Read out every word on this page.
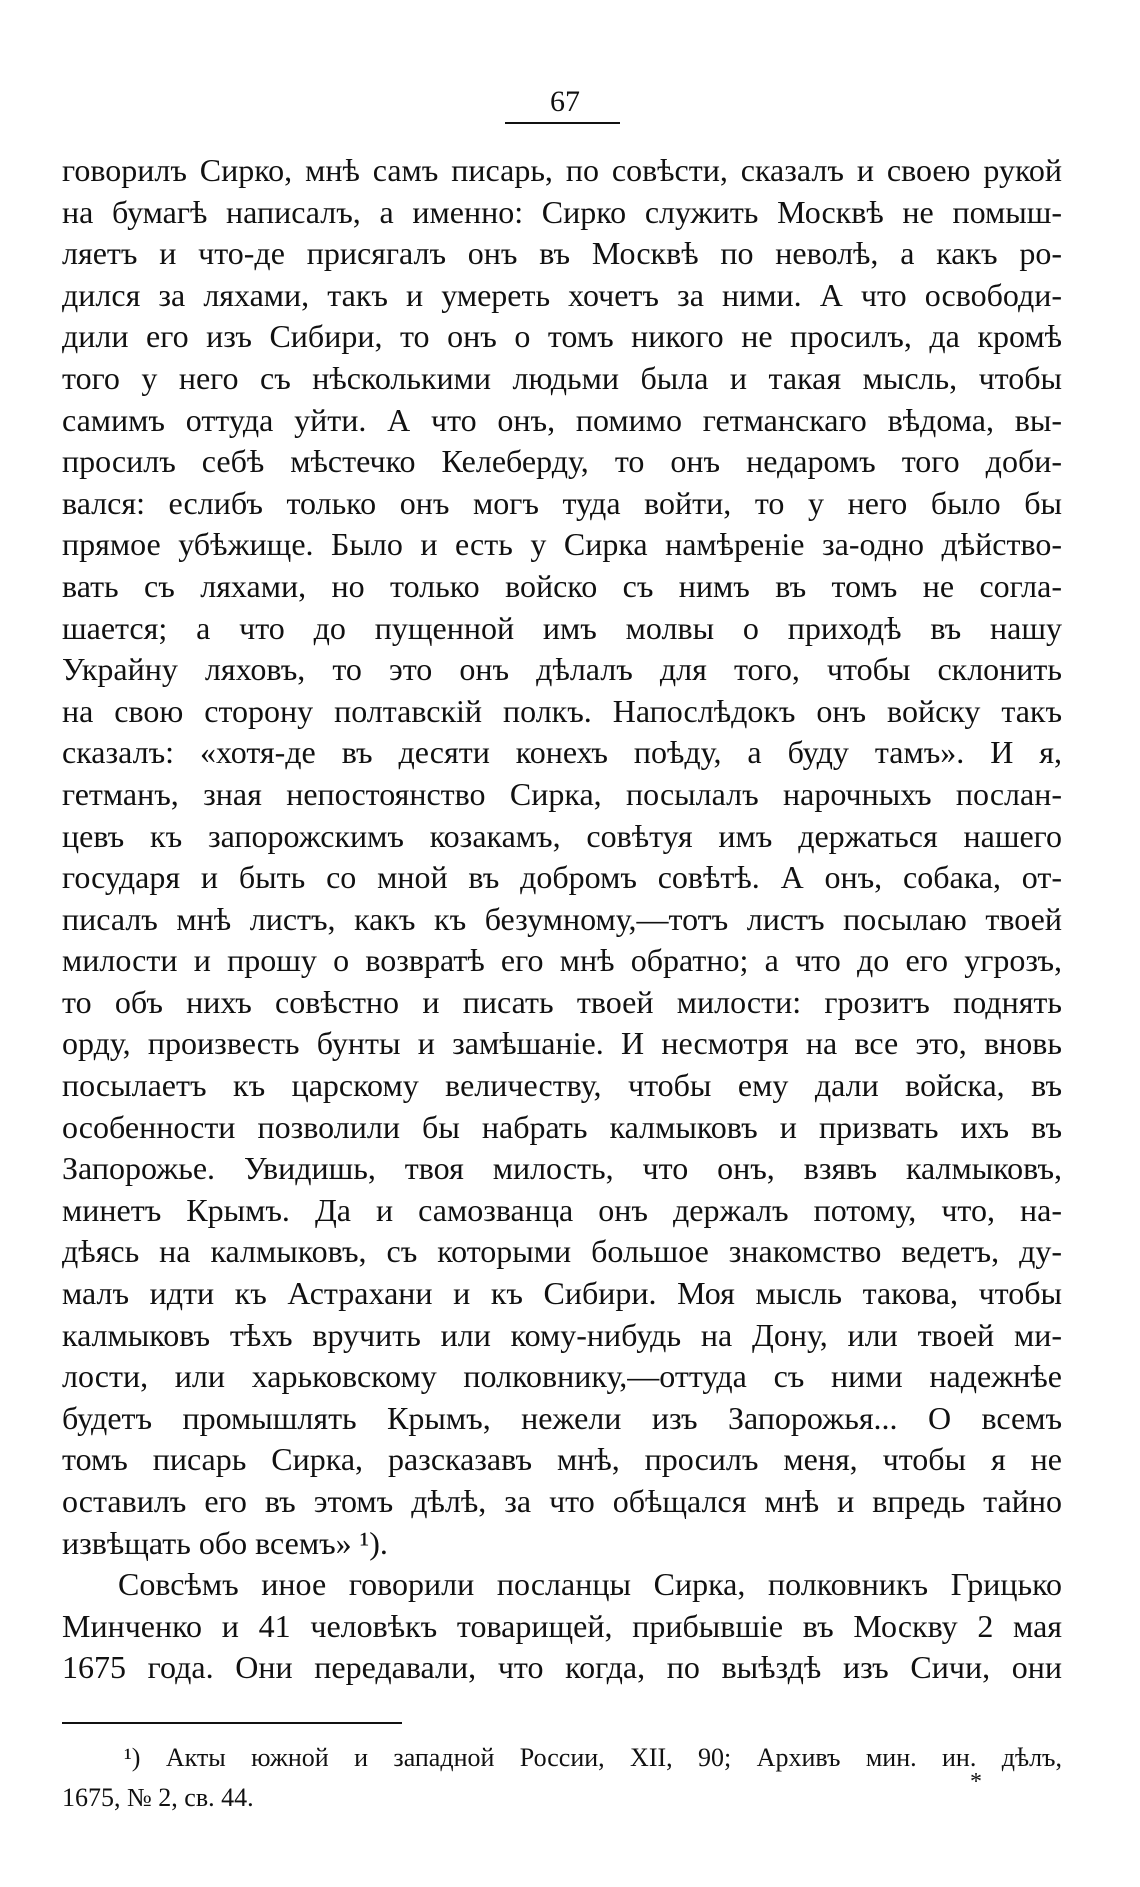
67
говорилъ Сирко, мнѣ самъ писарь, по совѣсти, сказалъ и своею рукой
на бумагѣ написалъ, а именно: Сирко служить Москвѣ не помыш-
ляетъ и что-де присягалъ онъ въ Москвѣ по неволѣ, а какъ ро-
дился за ляхами, такъ и умереть хочетъ за ними. А что освободи-
дили его изъ Сибири, то онъ о томъ никого не просилъ, да кромѣ
того у него съ нѣсколькими людьми была и такая мысль, чтобы
самимъ оттуда уйти. А что онъ, помимо гетманскаго вѣдома, вы-
просилъ себѣ мѣстечко Келеберду, то онъ недаромъ того доби-
вался: еслибъ только онъ могъ туда войти, то у него было бы
прямое убѣжище. Было и есть у Сирка намѣреніе за-одно дѣйство-
вать съ ляхами, но только войско съ нимъ въ томъ не согла-
шается; а что до пущенной имъ молвы о приходѣ въ нашу
Украйну ляховъ, то это онъ дѣлалъ для того, чтобы склонить
на свою сторону полтавскій полкъ. Напослѣдокъ онъ войску такъ
сказалъ: «хотя-де въ десяти конехъ поѣду, а буду тамъ». И я,
гетманъ, зная непостоянство Сирка, посылалъ нарочныхъ послан-
цевъ къ запорожскимъ козакамъ, совѣтуя имъ держаться нашего
государя и быть со мной въ добромъ совѣтѣ. А онъ, собака, от-
писалъ мнѣ листъ, какъ къ безумному,—тотъ листъ посылаю твоей
милости и прошу о возвратѣ его мнѣ обратно; а что до его угрозъ,
то объ нихъ совѣстно и писать твоей милости: грозитъ поднять
орду, произвесть бунты и замѣшаніе. И несмотря на все это, вновь
посылаетъ къ царскому величеству, чтобы ему дали войска, въ
особенности позволили бы набрать калмыковъ и призвать ихъ въ
Запорожье. Увидишь, твоя милость, что онъ, взявъ калмыковъ,
минетъ Крымъ. Да и самозванца онъ держалъ потому, что, на-
дѣясь на калмыковъ, съ которыми большое знакомство ведетъ, ду-
малъ идти къ Астрахани и къ Сибири. Моя мысль такова, чтобы
калмыковъ тѣхъ вручить или кому-нибудь на Дону, или твоей ми-
лости, или харьковскому полковнику,—оттуда съ ними надежнѣе
будетъ промышлять Крымъ, нежели изъ Запорожья... О всемъ
томъ писарь Сирка, разсказавъ мнѣ, просилъ меня, чтобы я не
оставилъ его въ этомъ дѣлѣ, за что обѣщался мнѣ и впредь тайно
извѣщать обо всемъ» ¹).
Совсѣмъ иное говорили посланцы Сирка, полковникъ Грицько
Минченко и 41 человѣкъ товарищей, прибывшіе въ Москву 2 мая
1675 года. Они передавали, что когда, по выѣздѣ изъ Сичи, они
¹) Акты южной и западной России, XII, 90; Архивъ мин. ин. дѣлъ,
1675, № 2, св. 44.
*
